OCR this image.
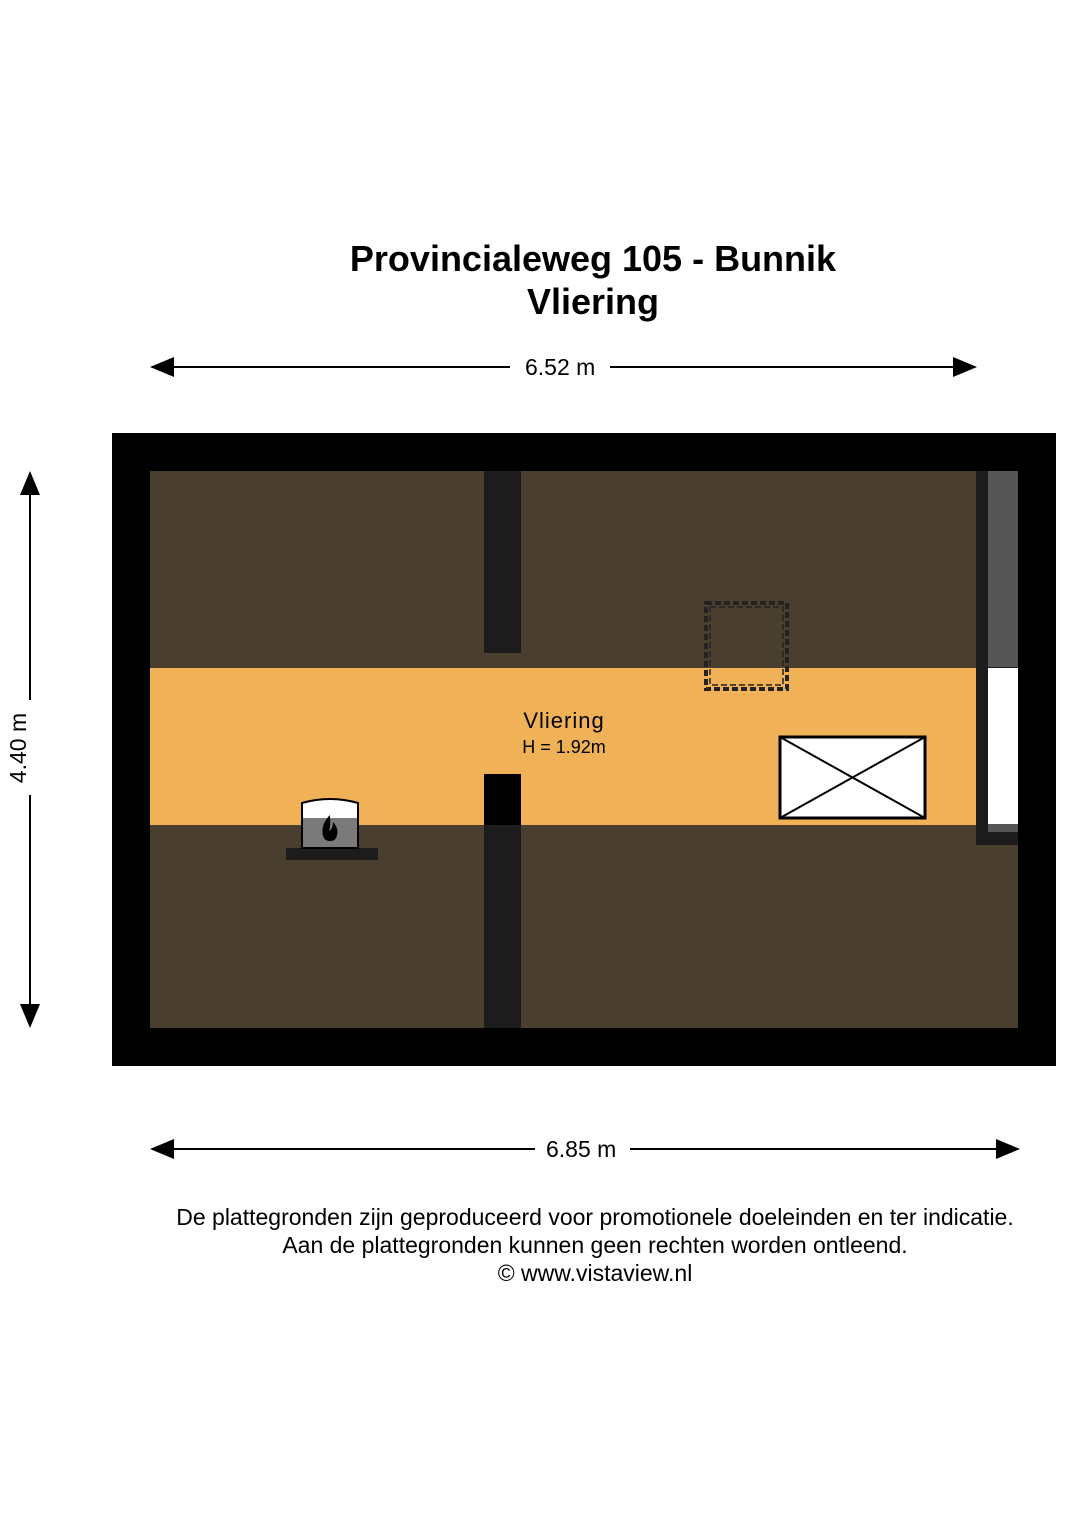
Provincialeweg 105 - Bunnik
Vliering
6.52 m
6.85 m
4.40 m	Vliering
H = 1.92m
De plattegronden zijn geproduceerd voor promotionele doeleinden en ter indicatie.
Aan de plattegronden kunnen geen rechten worden ontleend.
© www.vistaview.nl
